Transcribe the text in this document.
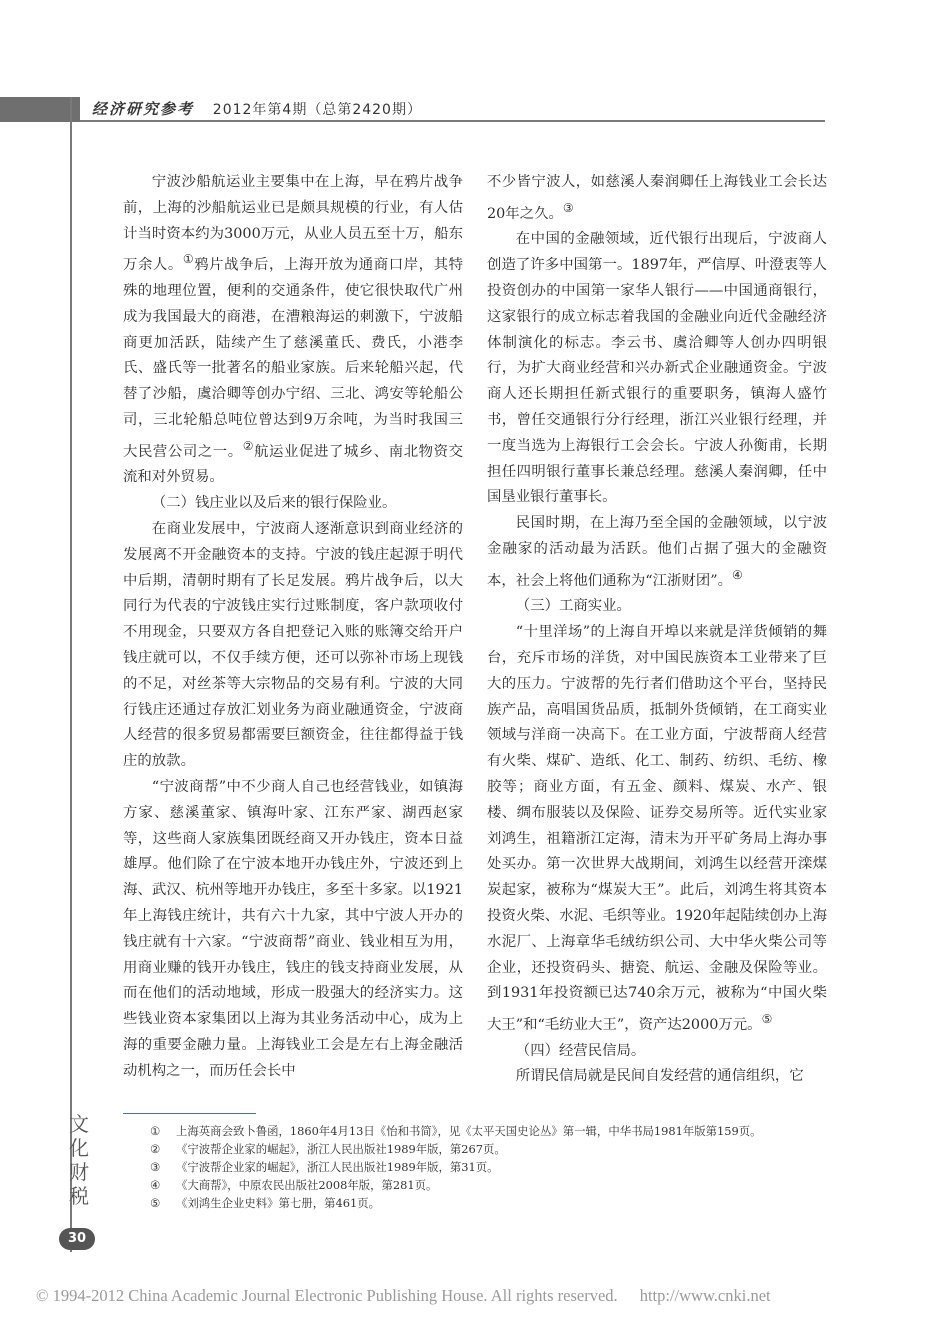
经济研究参考 2012年第4期（总第2420期）

宁波沙船航运业主要集中在上海，早在鸦片战争前，上海的沙船航运业已是颇具规模的行业，有人估计当时资本约为3000万元，从业人员五至十万，船东万余人。①鸦片战争后，上海开放为通商口岸，其特殊的地理位置，便利的交通条件，使它很快取代广州成为我国最大的商港，在漕粮海运的刺激下，宁波船商更加活跃，陆续产生了慈溪董氏、费氏，小港李氏、盛氏等一批著名的船业家族。后来轮船兴起，代替了沙船，虞洽卿等创办宁绍、三北、鸿安等轮船公司，三北轮船总吨位曾达到9万余吨，为当时我国三大民营公司之一。②航运业促进了城乡、南北物资交流和对外贸易。

（二）钱庄业以及后来的银行保险业。

在商业发展中，宁波商人逐渐意识到商业经济的发展离不开金融资本的支持。宁波的钱庄起源于明代中后期，清朝时期有了长足发展。鸦片战争后，以大同行为代表的宁波钱庄实行过账制度，客户款项收付不用现金，只要双方各自把登记入账的账簿交给开户钱庄就可以，不仅手续方便，还可以弥补市场上现钱的不足，对丝茶等大宗物品的交易有利。宁波的大同行钱庄还通过存放汇划业务为商业融通资金，宁波商人经营的很多贸易都需要巨额资金，往往都得益于钱庄的放款。

“宁波商帮”中不少商人自己也经营钱业，如镇海方家、慈溪董家、镇海叶家、江东严家、湖西赵家等，这些商人家族集团既经商又开办钱庄，资本日益雄厚。他们除了在宁波本地开办钱庄外，宁波还到上海、武汉、杭州等地开办钱庄，多至十多家。以1921年上海钱庄统计，共有六十九家，其中宁波人开办的钱庄就有十六家。“宁波商帮”商业、钱业相互为用，用商业赚的钱开办钱庄，钱庄的钱支持商业发展，从而在他们的活动地域，形成一股强大的经济实力。这些钱业资本家集团以上海为其业务活动中心，成为上海的重要金融力量。上海钱业工会是左右上海金融活动机构之一，而历任会长中

不少皆宁波人，如慈溪人秦润卿任上海钱业工会长达20年之久。③

在中国的金融领域，近代银行出现后，宁波商人创造了许多中国第一。1897年，严信厚、叶澄衷等人投资创办的中国第一家华人银行——中国通商银行，这家银行的成立标志着我国的金融业向近代金融经济体制演化的标志。李云书、虞洽卿等人创办四明银行，为扩大商业经营和兴办新式企业融通资金。宁波商人还长期担任新式银行的重要职务，镇海人盛竹书，曾任交通银行分行经理，浙江兴业银行经理，并一度当选为上海银行工会会长。宁波人孙衡甫，长期担任四明银行董事长兼总经理。慈溪人秦润卿，任中国垦业银行董事长。

民国时期，在上海乃至全国的金融领域，以宁波金融家的活动最为活跃。他们占据了强大的金融资本，社会上将他们通称为“江浙财团”。④

（三）工商实业。

“十里洋场”的上海自开埠以来就是洋货倾销的舞台，充斥市场的洋货，对中国民族资本工业带来了巨大的压力。宁波帮的先行者们借助这个平台，坚持民族产品，高唱国货品质，抵制外货倾销，在工商实业领域与洋商一决高下。在工业方面，宁波帮商人经营有火柴、煤矿、造纸、化工、制药、纺织、毛纺、橡胶等；商业方面，有五金、颜料、煤炭、水产、银楼、绸布服装以及保险、证券交易所等。近代实业家刘鸿生，祖籍浙江定海，清末为开平矿务局上海办事处买办。第一次世界大战期间，刘鸿生以经营开滦煤炭起家，被称为“煤炭大王”。此后，刘鸿生将其资本投资火柴、水泥、毛织等业。1920年起陆续创办上海水泥厂、上海章华毛绒纺织公司、大中华火柴公司等企业，还投资码头、搪瓷、航运、金融及保险等业。到1931年投资额已达740余万元，被称为“中国火柴大王”和“毛纺业大王”，资产达2000万元。⑤

（四）经营民信局。

所谓民信局就是民间自发经营的通信组织，它

① 上海英商会致卜鲁函，1860年4月13日《怡和书简》，见《太平天国史论丛》第一辑，中华书局1981年版第159页。
② 《宁波帮企业家的崛起》，浙江人民出版社1989年版，第267页。
③ 《宁波帮企业家的崛起》，浙江人民出版社1989年版，第31页。
④ 《大商帮》，中原农民出版社2008年版，第281页。
⑤ 《刘鸿生企业史料》第七册，第461页。
文
化
财
税
30
© 1994-2012 China Academic Journal Electronic Publishing House. All rights reserved. http://www.cnki.net
